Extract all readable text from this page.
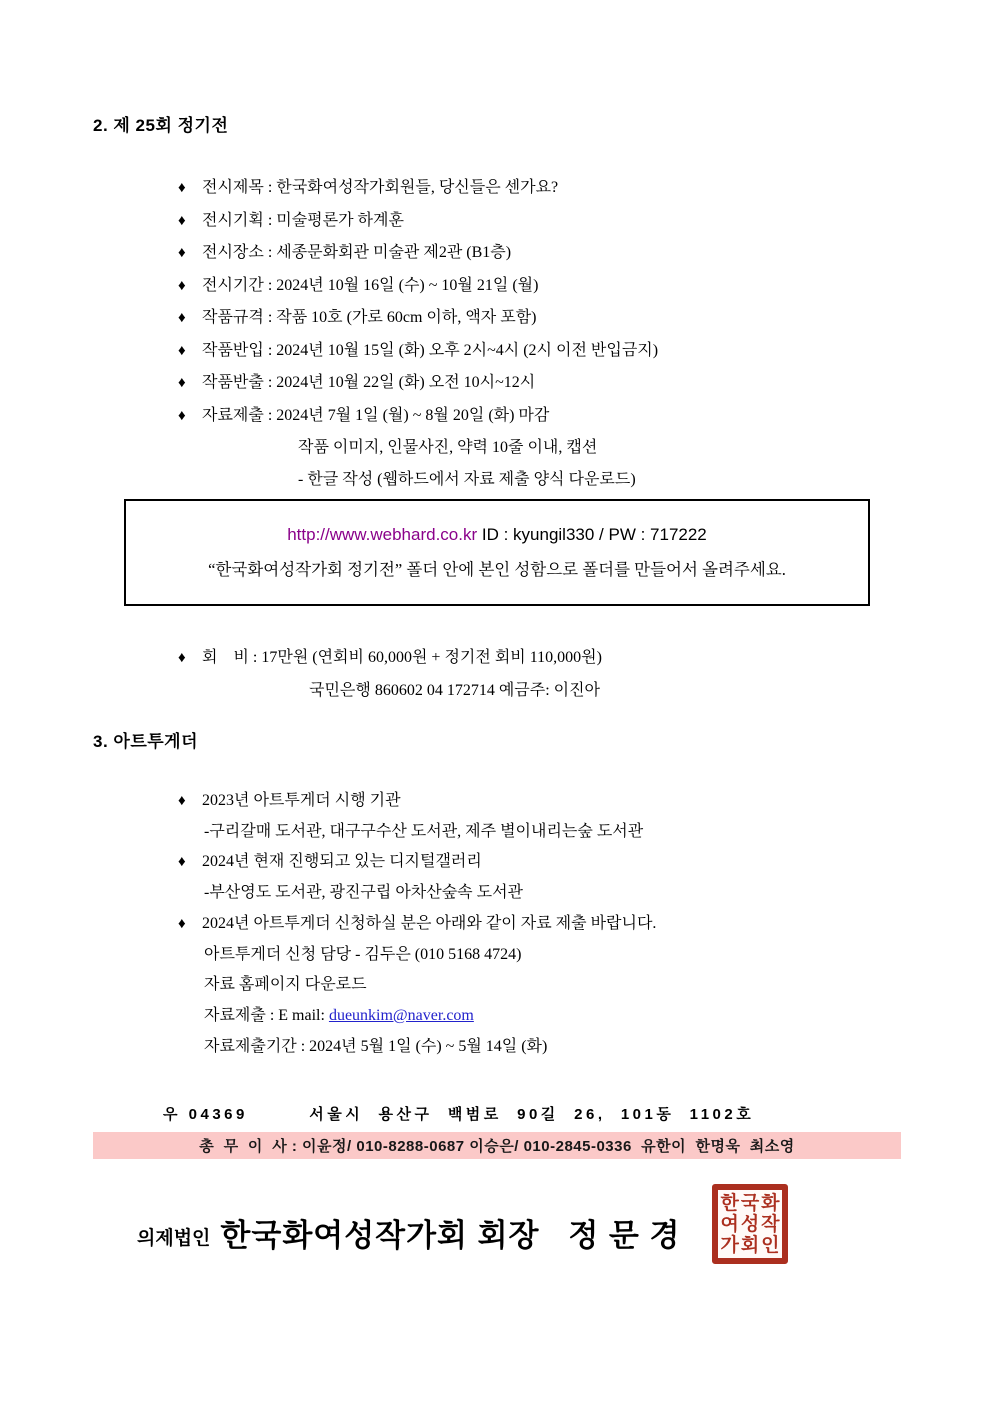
2. 제 25회 정기전
♦ 전시제목 : 한국화여성작가회원들, 당신들은 센가요?
♦ 전시기획 : 미술평론가 하계훈
♦ 전시장소 : 세종문화회관 미술관 제2관 (B1층)
♦ 전시기간 : 2024년 10월 16일 (수) ~ 10월 21일 (월)
♦ 작품규격 : 작품 10호 (가로 60cm 이하, 액자 포함)
♦ 작품반입 : 2024년 10월 15일 (화) 오후 2시~4시 (2시 이전 반입금지)
♦ 작품반출 : 2024년 10월 22일 (화) 오전 10시~12시
♦ 자료제출 : 2024년 7월 1일 (월) ~ 8월 20일 (화) 마감
작품 이미지, 인물사진, 약력 10줄 이내, 캡션
- 한글 작성 (웹하드에서 자료 제출 양식 다운로드)
http://www.webhard.co.kr ID : kyungil330 / PW : 717222
“한국화여성작가회 정기전” 폴더 안에 본인 성함으로 폴더를 만들어서 올려주세요.
♦ 회    비 : 17만원 (연회비 60,000원 + 정기전 회비 110,000원)
국민은행 860602 04 172714 예금주: 이진아
3. 아트투게더
♦ 2023년 아트투게더 시행 기관
-구리갈매 도서관, 대구구수산 도서관, 제주 별이내리는숲 도서관
♦ 2024년 현재 진행되고 있는 디지털갤러리
-부산영도 도서관, 광진구립 아차산숲속 도서관
♦ 2024년 아트투게더 신청하실 분은 아래와 같이 자료 제출 바랍니다.
아트투게더 신청 담당 - 김두은 (010 5168 4724)
자료 홈페이지 다운로드
자료제출 : E mail: dueunkim@naver.com
자료제출기간 : 2024년 5월 1일 (수) ~ 5월 14일 (화)
우 04369        서울시  용산구  백범로  90길  26,  101동  1102호
총  무  이  사 : 이윤정/ 010-8288-0687 이승은/ 010-2845-0336  유한이  한명욱  최소영
의제법인 한국화여성작가회 회장   정 문 경
한국화
여성작
가회인
